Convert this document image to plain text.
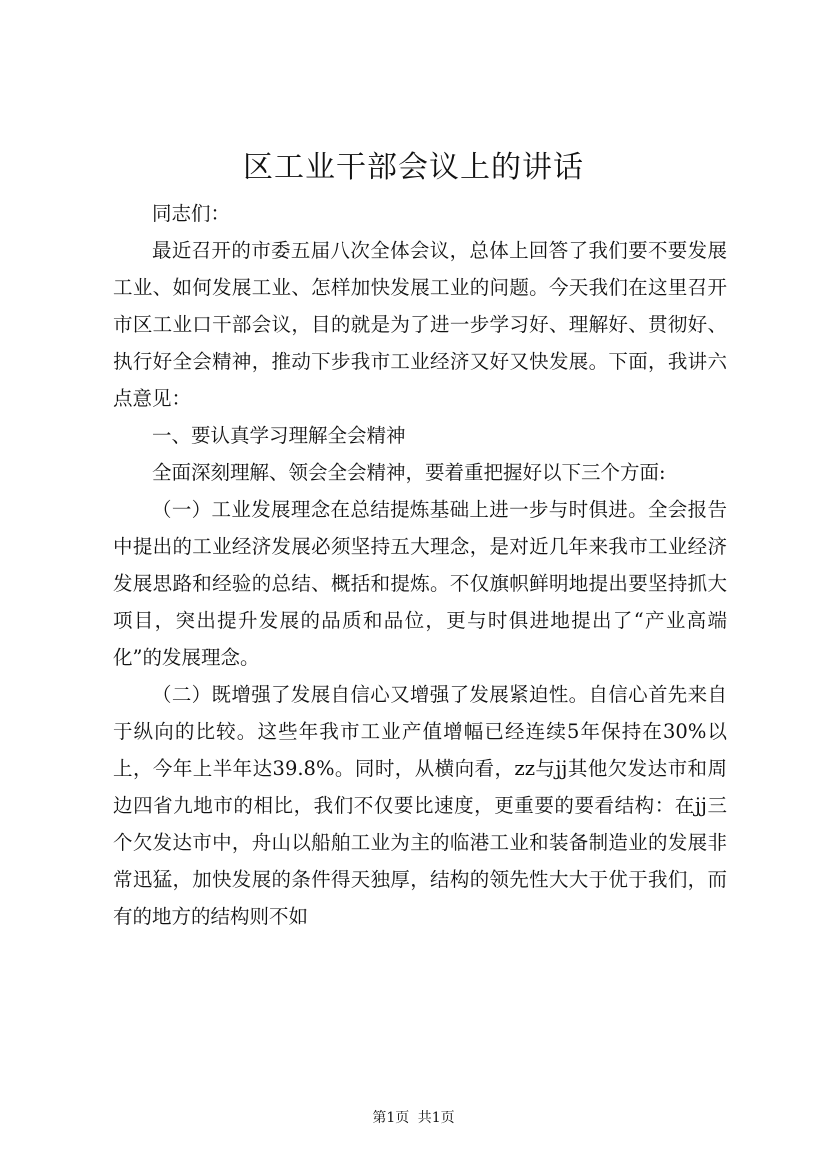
区工业干部会议上的讲话

同志们：

最近召开的市委五届八次全体会议，总体上回答了我们要不要发展工业、如何发展工业、怎样加快发展工业的问题。今天我们在这里召开市区工业口干部会议，目的就是为了进一步学习好、理解好、贯彻好、执行好全会精神，推动下步我市工业经济又好又快发展。下面，我讲六点意见：

一、要认真学习理解全会精神

全面深刻理解、领会全会精神，要着重把握好以下三个方面:

（一）工业发展理念在总结提炼基础上进一步与时俱进。全会报告中提出的工业经济发展必须坚持五大理念，是对近几年来我市工业经济发展思路和经验的总结、概括和提炼。不仅旗帜鲜明地提出要坚持抓大项目，突出提升发展的品质和品位，更与时俱进地提出了“产业高端化”的发展理念。

（二）既增强了发展自信心又增强了发展紧迫性。自信心首先来自于纵向的比较。这些年我市工业产值增幅已经连续5年保持在30%以上，今年上半年达39.8%。同时，从横向看，zz与jj其他欠发达市和周边四省九地市的相比，我们不仅要比速度，更重要的要看结构：在jj三个欠发达市中，舟山以船舶工业为主的临港工业和装备制造业的发展非常迅猛，加快发展的条件得天独厚，结构的领先性大大于优于我们，而有的地方的结构则不如

第1页 共1页
